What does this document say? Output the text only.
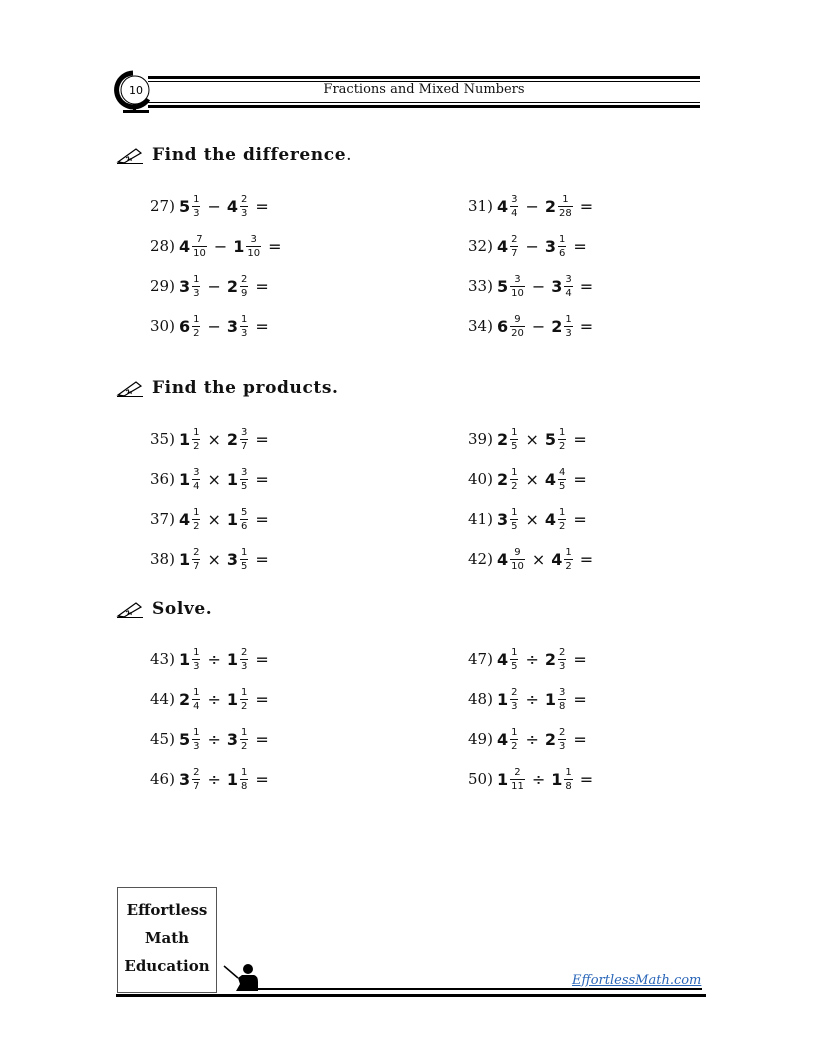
10	Fractions and Mixed Numbers
Find the difference .
27) $5 \frac{1}{3} - 4 \frac{2}{3}$ =
28) $4 \frac{7}{10} - 1 \frac{3}{10}$ =
29) $3 \frac{1}{3} - 2 \frac{2}{9}$ =
30) $6 \frac{1}{2} - 3 \frac{1}{3}$ =
31) $4 \frac{3}{4} - 2 \frac{1}{28}$ =
32) $4 \frac{2}{7} - 3 \frac{1}{6}$ =
33) $5 \frac{3}{10} - 3 \frac{3}{4}$ =
34) $6 \frac{9}{20} - 2 \frac{1}{3}$ =
Find the products.
35) $1 \frac{1}{2} \times 2 \frac{3}{7}$ =
36) $1 \frac{3}{4} \times 1 \frac{3}{5}$ =
37) $4 \frac{1}{2} \times 1 \frac{5}{6}$ =
38) $1 \frac{2}{7} \times 3 \frac{1}{5}$ =
39) $2 \frac{1}{5} \times 5 \frac{1}{2}$ =
40) $2 \frac{1}{2} \times 4 \frac{4}{5}$ =
41) $3 \frac{1}{5} \times 4 \frac{1}{2}$ =
42) $4 \frac{9}{10} \times 4 \frac{1}{2}$ =
Solve.
43) $1 \frac{1}{3} \div 1 \frac{2}{3}$ =
44) $2 \frac{1}{4} \div 1 \frac{1}{2}$ =
45) $5 \frac{1}{3} \div 3 \frac{1}{2}$ =
46) $3 \frac{2}{7} \div 1 \frac{1}{8}$ =
47) $4 \frac{1}{5} \div 2 \frac{2}{3}$ =
48) $1 \frac{2}{3} \div 1 \frac{3}{8}$ =
49) $4 \frac{1}{2} \div 2 \frac{2}{3}$ =
50) $1 \frac{2}{11} \div 1 \frac{1}{8}$ =
Effortless
Math
Education
EffortlessMath.com
